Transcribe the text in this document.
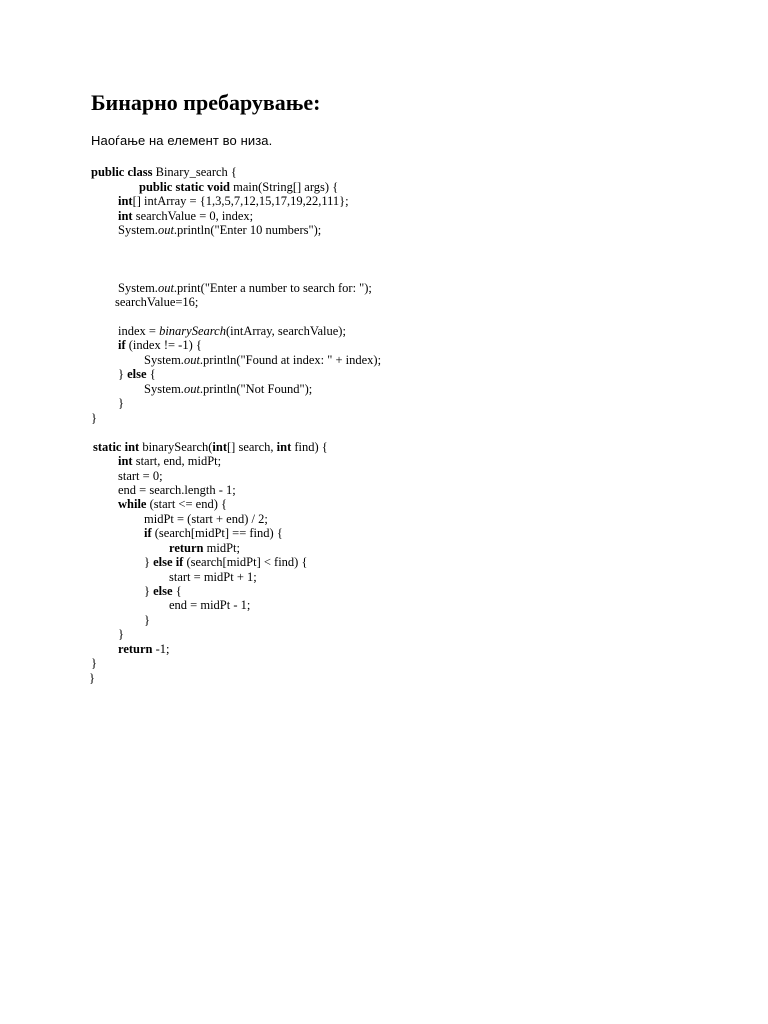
Бинарно пребарување:

Наоѓање на елемент во низа.

public class Binary_search {
public static void main(String[] args) {
int[] intArray = {1,3,5,7,12,15,17,19,22,111};
int searchValue = 0, index;
System.out.println("Enter 10 numbers");
System.out.print("Enter a number to search for: ");
searchValue=16;
index = binarySearch(intArray, searchValue);
if (index != -1) {
System.out.println("Found at index: " + index);
} else {
System.out.println("Not Found");
}
}
static int binarySearch(int[] search, int find) {
int start, end, midPt;
start = 0;
end = search.length - 1;
while (start <= end) {
midPt = (start + end) / 2;
if (search[midPt] == find) {
return midPt;
} else if (search[midPt] < find) {
start = midPt + 1;
} else {
end = midPt - 1;
}
}
return -1;
}
}
